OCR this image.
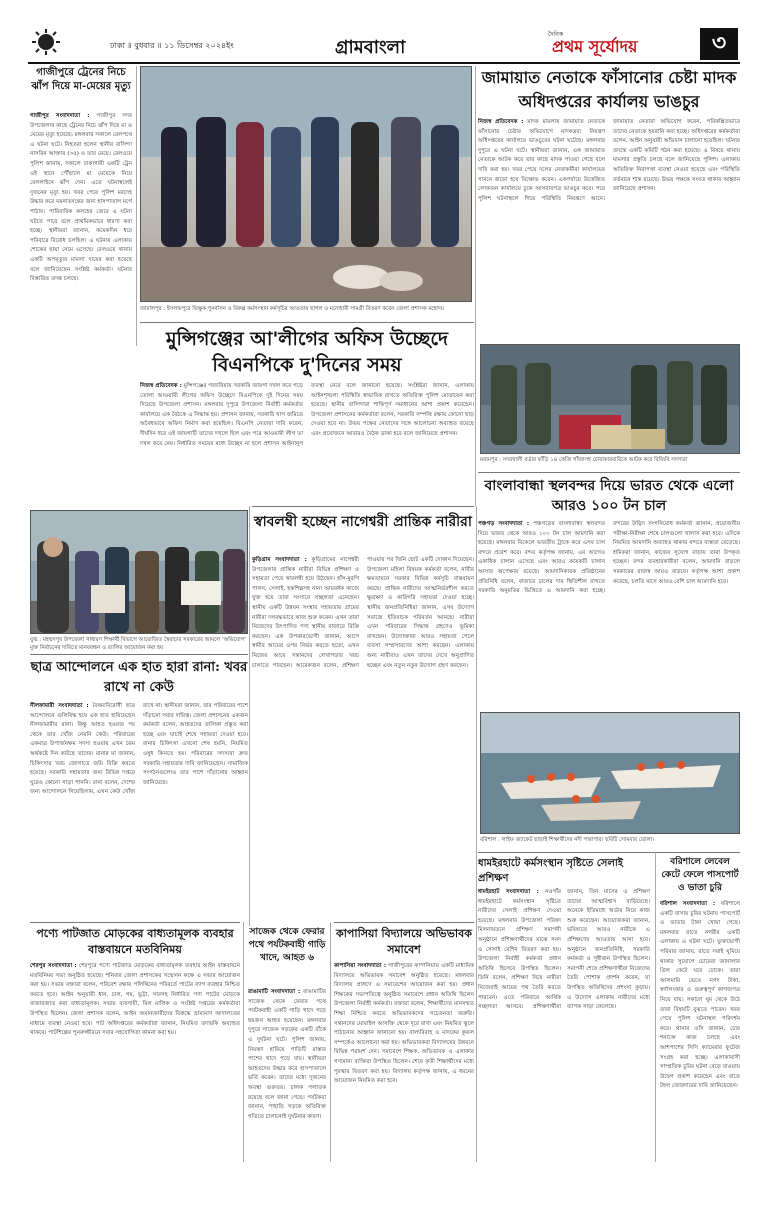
ঢাকা ॥ বুধবার ॥ ১১ ডিসেম্বর ২০২৪ইং	গ্রামবাংলা
দৈনিক
প্রথম সূর্যোদয়	৩
গাজীপুরে ট্রেনের নিচে ঝাঁপ দিয়ে মা-মেয়ের মৃত্যু
গাজীপুর সংবাদদাতা : গাজীপুর সদর উপজেলার কাছে ট্রেনের নিচে ঝাঁপ দিয়ে মা ও মেয়ের মৃত্যু হয়েছে। মঙ্গলবার সকালে রেলপথে এ ঘটনা ঘটে। নিহতরা হলেন স্থানীয় বাসিন্দা নাসরিন আক্তার (৩৫) ও তার মেয়ে। রেলওয়ে পুলিশ জানায়, সকালে ঢাকাগামী একটি ট্রেন ওই স্থানে পৌঁছালে মা মেয়েকে নিয়ে রেললাইনে ঝাঁপ দেন। এতে ঘটনাস্থলেই দুজনের মৃত্যু হয়। খবর পেয়ে পুলিশ মরদেহ উদ্ধার করে ময়নাতদন্তের জন্য হাসপাতাল মর্গে পাঠায়। পারিবারিক কলহের জেরে এ ঘটনা ঘটতে পারে বলে প্রাথমিকভাবে ধারণা করা হচ্ছে। স্থানীয়রা জানান, কয়েকদিন ধরে পরিবারে বিরোধ চলছিল। এ ঘটনায় এলাকায় শোকের ছায়া নেমে এসেছে। রেলওয়ে থানায় একটি অপমৃত্যুর মামলা দায়ের করা হয়েছে বলে জানিয়েছেন সংশ্লিষ্ট কর্মকর্তা। ঘটনার বিস্তারিত তদন্ত চলছে।
জামালপুর : ইসলামপুরে ভিক্ষুক পুনর্বাসন ও বিকল্প কর্মসংস্থান কর্মসূচির আওতায় ছাগল ও মনোহারী সামগ্রী বিতরণ করেন জেলা প্রশাসক মহোদয়
জামায়াত নেতাকে ফাঁসানোর চেষ্টা মাদক অধিদপ্তরের কার্যালয় ভাঙচুর
নিজস্ব প্রতিবেদক : মাদক মামলায় জামায়াত নেতাকে ফাঁসানোর চেষ্টার অভিযোগে মাদকদ্রব্য নিয়ন্ত্রণ অধিদপ্তরের কার্যালয়ে ভাঙচুরের ঘটনা ঘটেছে। মঙ্গলবার দুপুরে এ ঘটনা ঘটে। স্থানীয়রা জানান, এক জামায়াত নেতাকে আটক করে তার কাছে মাদক পাওয়া গেছে বলে দাবি করা হয়। খবর পেয়ে দলের নেতাকর্মীরা কার্যালয়ের সামনে জড়ো হয়ে বিক্ষোভ করেন। একপর্যায়ে উত্তেজিত লোকজন কার্যালয়ে ঢুকে আসবাবপত্র ভাঙচুর করে। পরে পুলিশ ঘটনাস্থলে গিয়ে পরিস্থিতি নিয়ন্ত্রণে আনে। জামায়াত নেতারা অভিযোগ করেন, পরিকল্পিতভাবে তাদের নেতাকে হয়রানি করা হচ্ছে। অধিদপ্তরের কর্মকর্তারা বলেন, আইন অনুযায়ী অভিযান চালানো হয়েছিল। ঘটনার তদন্তে একটি কমিটি গঠন করা হয়েছে। এ বিষয়ে থানায় মামলার প্রস্তুতি চলছে বলে জানিয়েছে পুলিশ। এলাকায় অতিরিক্ত নিরাপত্তা ব্যবস্থা নেওয়া হয়েছে এবং পরিস্থিতি বর্তমানে শান্ত রয়েছে। উভয় পক্ষকে সংযত থাকার আহ্বান জানিয়েছে প্রশাসন।
মুন্সিগঞ্জের আ'লীগের অফিস উচ্ছেদে বিএনপিকে দু'দিনের সময়
নিজস্ব প্রতিবেদক : মুন্সিগঞ্জের গজারিয়ায় সরকারি জায়গা দখল করে গড়ে তোলা আওয়ামী লীগের অফিস উচ্ছেদে বিএনপিকে দুই দিনের সময় দিয়েছে উপজেলা প্রশাসন। মঙ্গলবার দুপুরে উপজেলা নির্বাহী কর্মকর্তার কার্যালয়ে এক বৈঠকে এ সিদ্ধান্ত হয়। প্রশাসন জানায়, সরকারি খাস জমিতে অবৈধভাবে অফিস নির্মাণ করা হয়েছিল। বিএনপি নেতারা দাবি করেন, দীর্ঘদিন ধরে ওই জায়গাটি তাদের দখলে ছিল এবং পরে আওয়ামী লীগ তা দখল করে নেয়। নির্ধারিত সময়ের মধ্যে উচ্ছেদ না হলে প্রশাসন আইনানুগ ব্যবস্থা নেবে বলে জানানো হয়েছে। সংশ্লিষ্টরা জানান, এলাকায় আইনশৃঙ্খলা পরিস্থিতি স্বাভাবিক রাখতে অতিরিক্ত পুলিশ মোতায়েন করা হয়েছে। স্থানীয় বাসিন্দারা শান্তিপূর্ণ সমাধানের আশা প্রকাশ করেছেন। উপজেলা প্রশাসনের কর্মকর্তারা বলেন, সরকারি সম্পত্তি রক্ষায় কোনো ছাড় দেওয়া হবে না। উভয় পক্ষের নেতাদের সঙ্গে আলোচনা অব্যাহত রয়েছে এবং প্রয়োজনে আবারও বৈঠক ডাকা হবে বলে জানিয়েছে প্রশাসন।
মজমপুর : সদরখালী বর্ডার ফাঁড়ি ১৪ কেজি গাঁজাসহ চোরাকারবারিকে আটক করে বিজিবি সদস্যরা
বাংলাবান্ধা স্থলবন্দর দিয়ে ভারত থেকে এলো আরও ১০০ টন চাল
পঞ্চগড় সংবাদদাতা : পঞ্চগড়ের বাংলাবান্ধা স্থলবন্দর দিয়ে ভারত থেকে আরও ১০০ টন চাল আমদানি করা হয়েছে। মঙ্গলবার বিকেলে ভারতীয় ট্রাকে করে এসব চাল বন্দরে প্রবেশ করে। বন্দর কর্তৃপক্ষ জানায়, এর আগেও একাধিক চালান এসেছে এবং আরও কয়েকটি চালান আসার অপেক্ষায় রয়েছে। আমদানিকারক প্রতিষ্ঠানের প্রতিনিধি বলেন, বাজারে চালের দাম স্থিতিশীল রাখতে সরকারি অনুমতির ভিত্তিতে এ আমদানি করা হচ্ছে। বন্দরের উদ্ভিদ সংগনিরোধ কর্মকর্তা জানান, প্রয়োজনীয় পরীক্ষা-নিরীক্ষা শেষে চালগুলো খালাস করা হবে। এদিকে নিয়মিত আমদানি অব্যাহত থাকায় বন্দরে ব্যস্ততা বেড়েছে। শ্রমিকরা জানান, কাজের সুযোগ বাড়ায় তারা উপকৃত হচ্ছেন। বন্দর ব্যবহারকারীরা বলেন, আমদানি বাড়লে সরকারের রাজস্ব আয়ও বাড়বে। কর্তৃপক্ষ আশা প্রকাশ করেছে, চলতি মাসে আরও বেশি চাল আমদানি হবে।
স্বাবলম্বী হচ্ছেন নাগেশ্বরী প্রান্তিক নারীরা
কুড়িগ্রাম সংবাদদাতা : কুড়িগ্রামের নাগেশ্বরী উপজেলার প্রান্তিক নারীরা বিভিন্ন প্রশিক্ষণ ও সহায়তা পেয়ে স্বাবলম্বী হয়ে উঠছেন। হাঁস-মুরগি পালন, সেলাই, হস্তশিল্পসহ নানা আয়বর্ধক কাজে যুক্ত হয়ে তারা সংসারে সচ্ছলতা এনেছেন। স্থানীয় একটি উন্নয়ন সংস্থার সহায়তায় গ্রামের নারীরা দলবদ্ধভাবে কাজ শুরু করেন। এখন তারা নিজেদের উৎপাদিত পণ্য স্থানীয় বাজারে বিক্রি করছেন। এক উপকারভোগী জানান, আগে স্বামীর আয়ের ওপর নির্ভর করতে হতো, এখন নিজের আয়ে সন্তানদের লেখাপড়ার খরচ চালাতে পারছেন। আরেকজন বলেন, প্রশিক্ষণ পাওয়ার পর তিনি ছোট একটি দোকান দিয়েছেন। উপজেলা মহিলা বিষয়ক কর্মকর্তা বলেন, নারীর ক্ষমতায়নে সরকার বিভিন্ন কর্মসূচি বাস্তবায়ন করছে। প্রান্তিক নারীদের আত্মনির্ভরশীল করতে ক্ষুদ্রঋণ ও কারিগরি সহায়তা দেওয়া হচ্ছে। স্থানীয় জনপ্রতিনিধিরা জানান, এসব উদ্যোগ সমাজে ইতিবাচক পরিবর্তন আনছে। নারীরা এখন পরিবারের সিদ্ধান্ত গ্রহণেও ভূমিকা রাখছেন। উদ্যোক্তারা আরও সহায়তা পেলে ব্যবসা সম্প্রসারণের আশা করছেন। এলাকায় অন্য নারীরাও এখন তাদের দেখে অনুপ্রাণিত হচ্ছেন এবং নতুন নতুন উদ্যোগ গ্রহণ করছেন।
যুগ্ম : মহম্মদপুর উপজেলা সাধারণ শিক্ষার্থী বিভাগে আয়োজিত স্বৈরাচার সরকারের আমলে ‘অভিযোগ’ মুক্ত নির্বাচনের দাবিতে মানববন্ধন ও র‍্যালির আয়োজন করা হয়
ছাত্র আন্দোলনে এক হাত হারা রানা: খবর রাখে না কেউ
নীলফামারী সংবাদদাতা : বৈষম্যবিরোধী ছাত্র আন্দোলনে গুলিবিদ্ধ হয়ে এক হাত হারিয়েছেন নীলফামারীর রানা। কিন্তু আহত হওয়ার পর থেকে তার খোঁজ নেয়নি কেউ। পরিবারের একমাত্র উপার্জনক্ষম সদস্য হওয়ায় এখন চরম অর্থকষ্টে দিন কাটছে তাদের। রানার মা জানান, চিকিৎসার খরচ জোগাতে জমি বিক্রি করতে হয়েছে। সরকারি সহায়তার জন্য বিভিন্ন দপ্তরে ঘুরেও কোনো সাড়া পাননি। রানা বলেন, দেশের জন্য আন্দোলনে গিয়েছিলাম, এখন কেউ খোঁজ রাখে না। স্থানীয়রা জানান, তার পরিবারের পাশে দাঁড়ানো সবার দায়িত্ব। জেলা প্রশাসনের একজন কর্মকর্তা বলেন, আহতদের তালিকা প্রস্তুত করা হচ্ছে এবং যাচাই শেষে সহায়তা দেওয়া হবে। রানার চিকিৎসা এখনো শেষ হয়নি, নিয়মিত ওষুধ কিনতে হয়। পরিবারের সদস্যরা দ্রুত সরকারি সহায়তার দাবি জানিয়েছেন। সামাজিক সংগঠনগুলোও তার পাশে দাঁড়ানোর আহ্বান জানিয়েছে।
বরিশাল : লাইফ জ্যাকেট ছাড়াই শিক্ষার্থীদের নদী পারাপার। ছবিটি সোমবার তোলা।
ধামইরহাটে কর্মসংস্থান সৃষ্টিতে সেলাই প্রশিক্ষণ
ধামইরহাট সংবাদদাতা : নওগাঁর ধামইরহাটে কর্মসংস্থান সৃষ্টিতে নারীদের সেলাই প্রশিক্ষণ দেওয়া হয়েছে। মঙ্গলবার উপজেলা পরিষদ মিলনায়তনে প্রশিক্ষণ সমাপনী অনুষ্ঠানে প্রশিক্ষণার্থীদের মাঝে সনদ ও সেলাই মেশিন বিতরণ করা হয়। উপজেলা নির্বাহী কর্মকর্তা প্রধান অতিথি হিসেবে উপস্থিত ছিলেন। তিনি বলেন, প্রশিক্ষণ নিয়ে নারীরা নিজেরাই আয়ের পথ তৈরি করতে পারবেন। এতে পরিবারে আর্থিক সচ্ছলতা আসবে। প্রশিক্ষণার্থীরা জানান, তিন মাসের এ প্রশিক্ষণ তাদের আত্মবিশ্বাস বাড়িয়েছে। অনেকে ইতিমধ্যে অর্ডার নিয়ে কাজ শুরু করেছেন। আয়োজকরা জানান, ভবিষ্যতে আরও নারীকে এ প্রশিক্ষণের আওতায় আনা হবে। অনুষ্ঠানে জনপ্রতিনিধি, সরকারি কর্মকর্তা ও সুধীজন উপস্থিত ছিলেন। সমাপনী শেষে প্রশিক্ষণার্থীরা নিজেদের তৈরি পোশাক প্রদর্শন করেন, যা উপস্থিত অতিথিদের প্রশংসা কুড়ায়। এ উদ্যোগ এলাকায় নারীদের মধ্যে ব্যাপক সাড়া ফেলেছে।
বরিশালে লেবেল কেটে ফেলে পাসপোর্ট ও ভাতা চুরি
বরিশাল সংবাদদাতা : বরিশালে একটি বাসায় চুরির ঘটনায় পাসপোর্ট ও ভাতার টাকা খোয়া গেছে। মঙ্গলবার রাতে নগরীর একটি এলাকায় এ ঘটনা ঘটে। ভুক্তভোগী পরিবার জানায়, রাতে সবাই ঘুমিয়ে থাকার সুযোগে চোরেরা জানালার গ্রিল কেটে ঘরে ঢোকে। তারা আলমারি ভেঙে নগদ টাকা, স্বর্ণালংকার ও গুরুত্বপূর্ণ কাগজপত্র নিয়ে যায়। সকালে ঘুম থেকে উঠে তারা বিষয়টি বুঝতে পারেন। খবর পেয়ে পুলিশ ঘটনাস্থল পরিদর্শন করে। থানার ওসি জানান, চোর শনাক্তে কাজ চলছে এবং আশপাশের সিসি ক্যামেরার ফুটেজ সংগ্রহ করা হচ্ছে। এলাকাবাসী সাম্প্রতিক চুরির ঘটনা বেড়ে যাওয়ায় উদ্বেগ প্রকাশ করেছেন এবং রাতে টহল জোরদারের দাবি জানিয়েছেন।
পণ্যে পাটজাত মোড়কের বাধ্যতামূলক ব্যবহার বাস্তবায়নে মতবিনিময়
শেরপুর সংবাদদাতা : শেরপুরে পণ্যে পাটজাত মোড়কের বাধ্যতামূলক ব্যবহার আইন বাস্তবায়নে মতবিনিময় সভা অনুষ্ঠিত হয়েছে। শনিবার জেলা প্রশাসকের সম্মেলন কক্ষে এ সভার আয়োজন করা হয়। সভায় বক্তারা বলেন, পরিবেশ রক্ষায় পলিথিনের পরিবর্তে পাটের ব্যাগ ব্যবহার নিশ্চিত করতে হবে। আইন অনুযায়ী ধান, চাল, গম, ভুট্টা, সারসহ নির্ধারিত পণ্য পাটের মোড়কে বাজারজাত করা বাধ্যতামূলক। সভায় ব্যবসায়ী, মিল মালিক ও সংশ্লিষ্ট দপ্তরের কর্মকর্তারা উপস্থিত ছিলেন। জেলা প্রশাসক বলেন, আইন অমান্যকারীদের বিরুদ্ধে ভ্রাম্যমাণ আদালতের মাধ্যমে ব্যবস্থা নেওয়া হবে। পাট অধিদপ্তরের কর্মকর্তারা জানান, নিয়মিত তদারকি অব্যাহত থাকবে। পাটশিল্পের পুনরুজ্জীবনে সবার সহযোগিতা কামনা করা হয়।
সাজেক থেকে ফেরার পথে পর্যটকবাহী গাড়ি খাদে, আহত ৬
রাঙামাটি সংবাদদাতা : রাঙামাটির সাজেক থেকে ফেরার পথে পর্যটকবাহী একটি গাড়ি খাদে পড়ে ছয়জন আহত হয়েছেন। মঙ্গলবার দুপুরে সাজেক সড়কের একটি বাঁকে এ দুর্ঘটনা ঘটে। পুলিশ জানায়, নিয়ন্ত্রণ হারিয়ে গাড়িটি রাস্তার পাশের খাদে পড়ে যায়। স্থানীয়রা আহতদের উদ্ধার করে হাসপাতালে ভর্তি করেন। তাদের মধ্যে দুজনের অবস্থা গুরুতর। চালক পলাতক রয়েছে বলে জানা গেছে। পর্যটকরা জানান, পাহাড়ি সড়কে অতিরিক্ত গতিতে চালানোই দুর্ঘটনার কারণ।
কাপাসিয়া বিদ্যালয়ে অভিভাবক সমাবেশ
কাপাসিয়া সংবাদদাতা : গাজীপুরের কাপাসিয়ায় একটি মাধ্যমিক বিদ্যালয়ে অভিভাবক সমাবেশ অনুষ্ঠিত হয়েছে। মঙ্গলবার বিদ্যালয় প্রাঙ্গণে এ সমাবেশের আয়োজন করা হয়। প্রধান শিক্ষকের সভাপতিত্বে অনুষ্ঠিত সমাবেশে প্রধান অতিথি ছিলেন উপজেলা নির্বাহী কর্মকর্তা। বক্তারা বলেন, শিক্ষার্থীদের মানসম্মত শিক্ষা নিশ্চিত করতে অভিভাবকদের সচেতনতা জরুরি। সন্তানদের মোবাইল আসক্তি থেকে দূরে রাখা এবং নিয়মিত স্কুলে পাঠানোর আহ্বান জানানো হয়। বাল্যবিবাহ ও মাদকের কুফল সম্পর্কেও আলোচনা করা হয়। অভিভাবকরা বিদ্যালয়ের উন্নয়নে বিভিন্ন পরামর্শ দেন। সমাবেশে শিক্ষক, অভিভাবক ও এলাকার গণ্যমান্য ব্যক্তিরা উপস্থিত ছিলেন। শেষে কৃতী শিক্ষার্থীদের মধ্যে পুরস্কার বিতরণ করা হয়। বিদ্যালয় কর্তৃপক্ষ জানায়, এ ধরনের আয়োজন নিয়মিত করা হবে।
